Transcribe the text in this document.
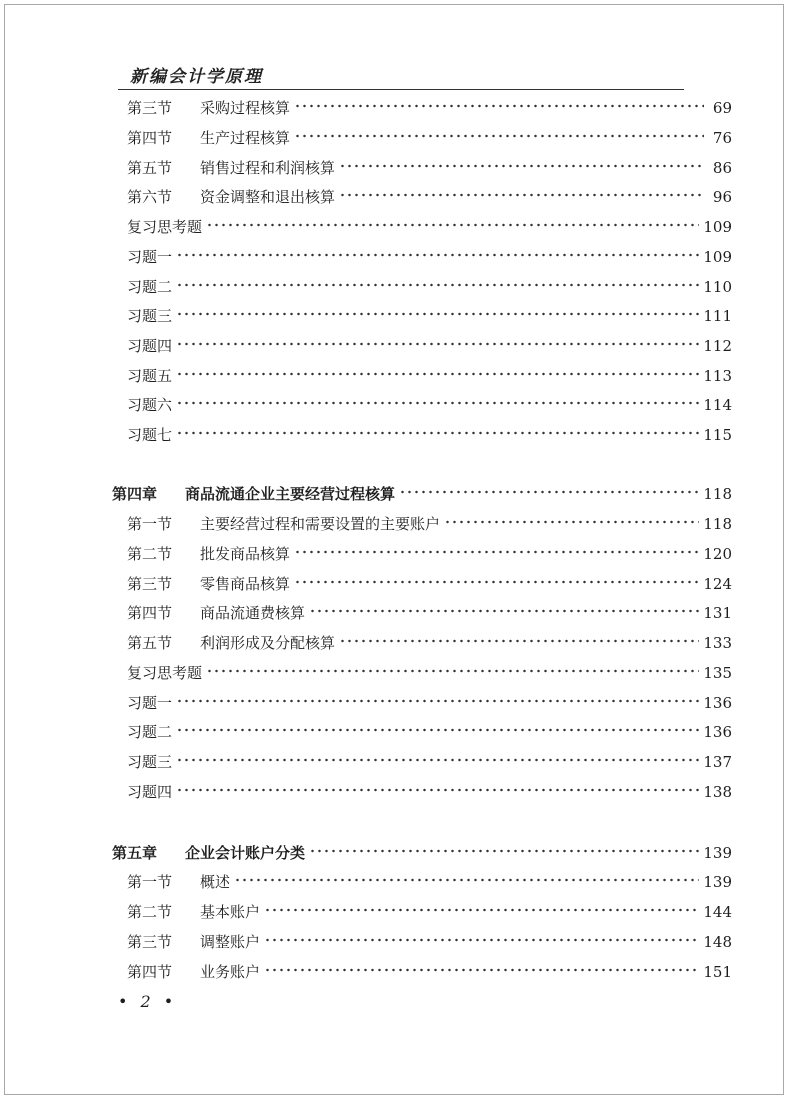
新编会计学原理
第三节	采购过程核算	69
第四节	生产过程核算	76
第五节	销售过程和利润核算	86
第六节	资金调整和退出核算	96
复习思考题	109
习题一	109
习题二	110
习题三	111
习题四	112
习题五	113
习题六	114
习题七	115
第四章	商品流通企业主要经营过程核算	118
第一节	主要经营过程和需要设置的主要账户	118
第二节	批发商品核算	120
第三节	零售商品核算	124
第四节	商品流通费核算	131
第五节	利润形成及分配核算	133
复习思考题	135
习题一	136
习题二	136
习题三	137
习题四	138
第五章	企业会计账户分类	139
第一节	概述	139
第二节	基本账户	144
第三节	调整账户	148
第四节	业务账户	151
• 2 •
